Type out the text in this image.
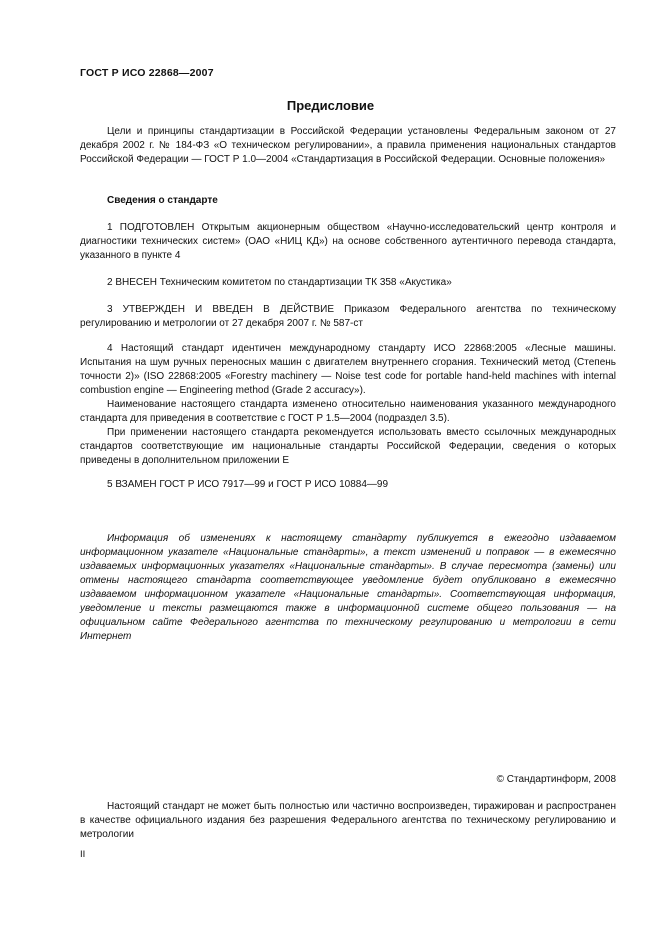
ГОСТ Р ИСО 22868—2007
Предисловие

Цели и принципы стандартизации в Российской Федерации установлены Федеральным законом от 27 декабря 2002 г. № 184-ФЗ «О техническом регулировании», а правила применения национальных стандартов Российской Федерации — ГОСТ Р 1.0—2004 «Стандартизация в Российской Федерации. Основные положения»

Сведения о стандарте

1 ПОДГОТОВЛЕН Открытым акционерным обществом «Научно-исследовательский центр контроля и диагностики технических систем» (ОАО «НИЦ КД») на основе собственного аутентичного перевода стандарта, указанного в пункте 4

2 ВНЕСЕН Техническим комитетом по стандартизации ТК 358 «Акустика»

3 УТВЕРЖДЕН И ВВЕДЕН В ДЕЙСТВИЕ Приказом Федерального агентства по техническому регулированию и метрологии от 27 декабря 2007 г. № 587-ст

4 Настоящий стандарт идентичен международному стандарту ИСО 22868:2005 «Лесные машины. Испытания на шум ручных переносных машин с двигателем внутреннего сгорания. Технический метод (Степень точности 2)» (ISO 22868:2005 «Forestry machinery — Noise test code for portable hand-held machines with internal combustion engine — Engineering method (Grade 2 accuracy»).

Наименование настоящего стандарта изменено относительно наименования указанного международного стандарта для приведения в соответствие с ГОСТ Р 1.5—2004 (подраздел 3.5).

При применении настоящего стандарта рекомендуется использовать вместо ссылочных международных стандартов соответствующие им национальные стандарты Российской Федерации, сведения о которых приведены в дополнительном приложении Е

5 ВЗАМЕН ГОСТ Р ИСО 7917—99 и ГОСТ Р ИСО 10884—99

Информация об изменениях к настоящему стандарту публикуется в ежегодно издаваемом информационном указателе «Национальные стандарты», а текст изменений и поправок — в ежемесячно издаваемых информационных указателях «Национальные стандарты». В случае пересмотра (замены) или отмены настоящего стандарта соответствующее уведомление будет опубликовано в ежемесячно издаваемом информационном указателе «Национальные стандарты». Соответствующая информация, уведомление и тексты размещаются также в информационной системе общего пользования — на официальном сайте Федерального агентства по техническому регулированию и метрологии в сети Интернет

© Стандартинформ, 2008

Настоящий стандарт не может быть полностью или частично воспроизведен, тиражирован и распространен в качестве официального издания без разрешения Федерального агентства по техническому регулированию и метрологии

II
